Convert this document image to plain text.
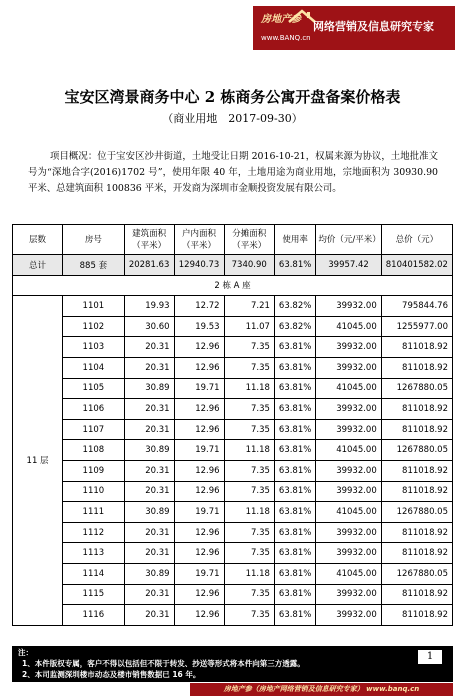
房地产参
www.BANQ.cn
网络营销及信息研究专家
宝安区湾景商务中心 2 栋商务公寓开盘备案价格表
（商业用地　2017-09-30）
项目概况：位于宝安区沙井街道，土地受让日期 2016-10-21，权属来源为协议，土地批准文号为“深地合字(2016)1702 号”，使用年限 40 年，土地用途为商业用地，宗地面积为 30930.90 平米、总建筑面积 100836 平米，开发商为深圳市金顺投资发展有限公司。
层数	房号	建筑面积（平米）	户内面积（平米）	分摊面积（平米）	使用率	均价（元/平米）	总价（元）
总计	885 套	20281.63	12940.73	7340.90	63.81%	39957.42	810401582.02
2 栋 A 座							
11 层	1101	19.93	12.72	7.21	63.82%	39932.00	795844.76
	1102	30.60	19.53	11.07	63.82%	41045.00	1255977.00
	1103	20.31	12.96	7.35	63.81%	39932.00	811018.92
	1104	20.31	12.96	7.35	63.81%	39932.00	811018.92
	1105	30.89	19.71	11.18	63.81%	41045.00	1267880.05
	1106	20.31	12.96	7.35	63.81%	39932.00	811018.92
	1107	20.31	12.96	7.35	63.81%	39932.00	811018.92
	1108	30.89	19.71	11.18	63.81%	41045.00	1267880.05
	1109	20.31	12.96	7.35	63.81%	39932.00	811018.92
	1110	20.31	12.96	7.35	63.81%	39932.00	811018.92
	1111	30.89	19.71	11.18	63.81%	41045.00	1267880.05
	1112	20.31	12.96	7.35	63.81%	39932.00	811018.92
	1113	20.31	12.96	7.35	63.81%	39932.00	811018.92
	1114	30.89	19.71	11.18	63.81%	41045.00	1267880.05
	1115	20.31	12.96	7.35	63.81%	39932.00	811018.92
	1116	20.31	12.96	7.35	63.81%	39932.00	811018.92
注：
1、本件版权专属，客户不得以包括但不限于转发、抄送等形式将本件向第三方透露。
2、本司监测深圳楼市动态及楼市销售数据已 16 年。
1
房地产参（房地产网络营销及信息研究专家） www.banq.cn
